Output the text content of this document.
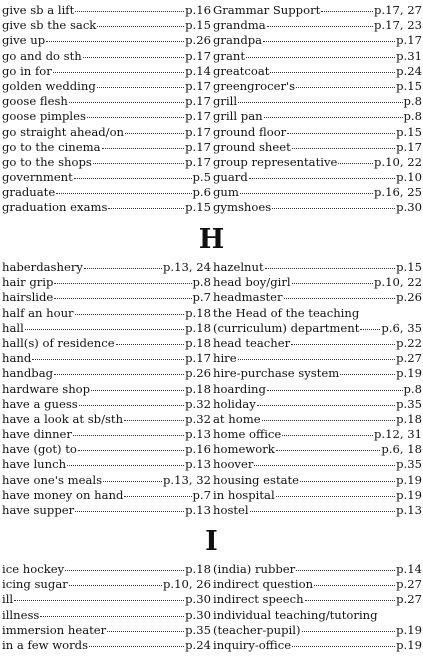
give sb a lift	p.16
give sb the sack	p.15
give up	p.26
go and do sth	p.17
go in for	p.14
golden wedding	p.17
goose flesh	p.17
goose pimples	p.17
go straight ahead/on	p.17
go to the cinema	p.17
go to the shops	p.17
government	p.5
graduate	p.6
graduation exams	p.15
Grammar Support	p.17, 27
grandma	p.17, 23
grandpa	p.17
grant	p.31
greatcoat	p.24
greengrocer's	p.15
grill	p.8
grill pan	p.8
ground floor	p.15
ground sheet	p.17
group representative	p.10, 22
guard	p.10
gum	p.16, 25
gymshoes	p.30
H
haberdashery	p.13, 24
hair grip	p.8
hairslide	p.7
half an hour	p.18
hall	p.18
hall(s) of residence	p.18
hand	p.17
handbag	p.26
hardware shop	p.18
have a guess	p.32
have a look at sb/sth	p.32
have dinner	p.13
have (got) to	p.16
have lunch	p.13
have one's meals	p.13, 32
have money on hand	p.7
have supper	p.13
hazelnut	p.15
head boy/girl	p.10, 22
headmaster	p.26
the Head of the teaching
(curriculum) department p.6, 35
head teacher	p.22
hire	p.27
hire-purchase system	p.19
hoarding	p.8
holiday	p.35
at home	p.18
home office	p.12, 31
homework	p.6, 18
hoover	p.35
housing estate	p.19
in hospital	p.19
hostel	p.13
I
ice hockey	p.18
icing sugar	p.10, 26
ill	p.30
illness	p.30
immersion heater	p.35
in a few words	p.24
(india) rubber	p.14
indirect question	p.27
indirect speech	p.27
individual teaching/tutoring
(teacher-pupil)	p.19
inquiry-office	p.19
